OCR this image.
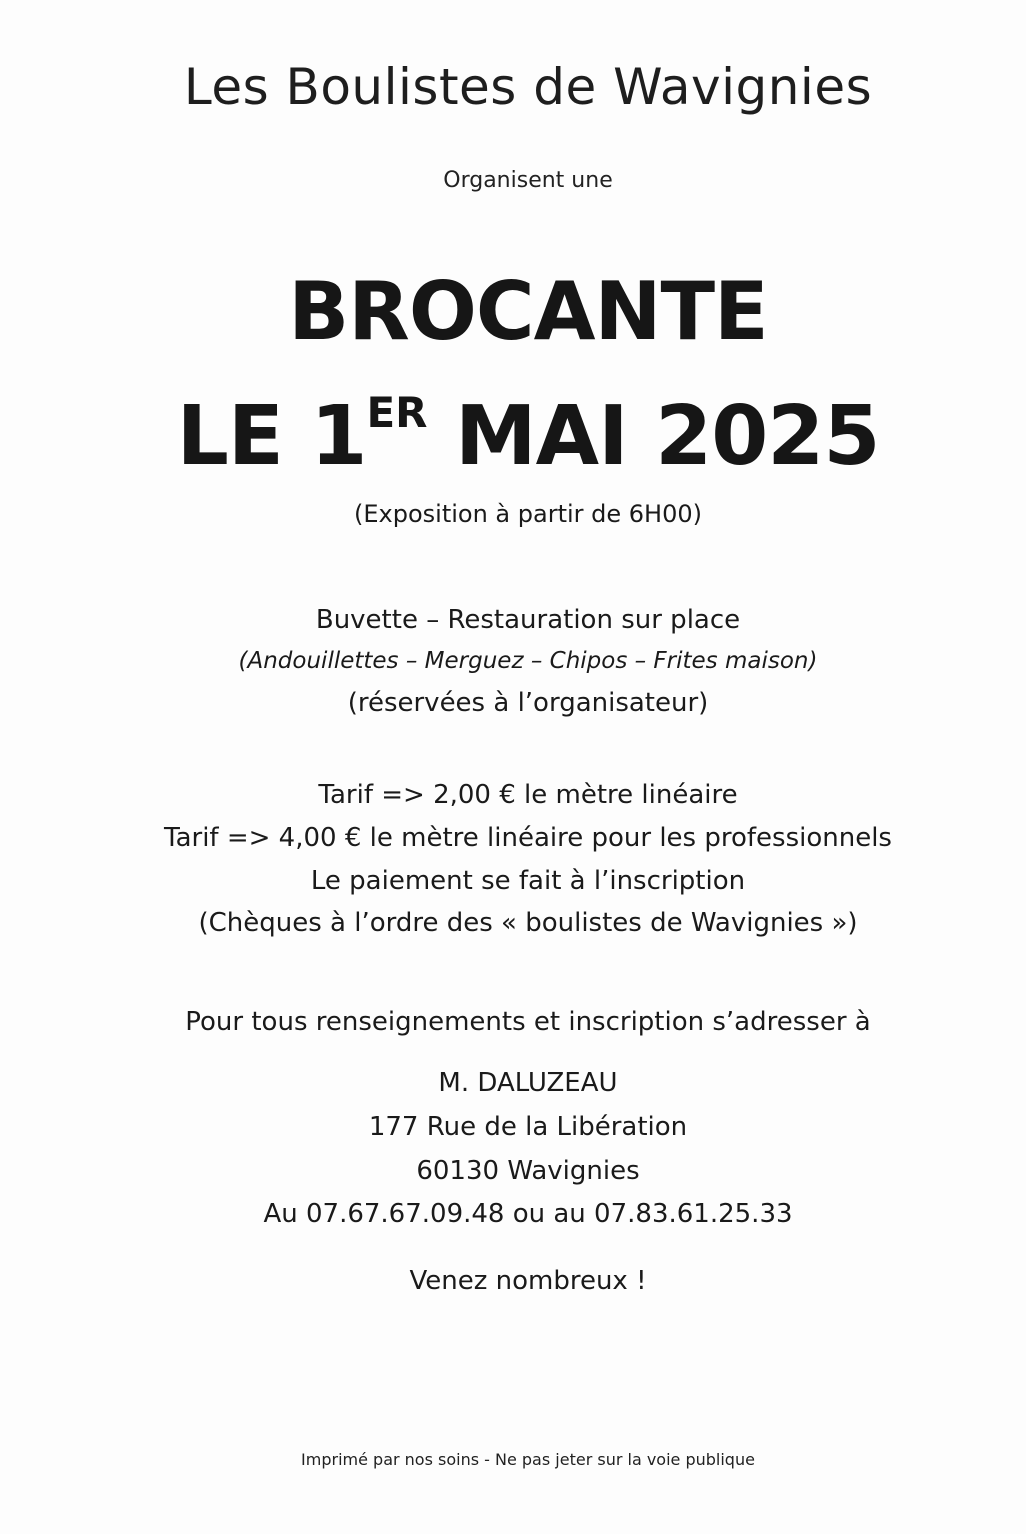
Les Boulistes de Wavignies
Organisent une
BROCANTE
LE 1ER MAI 2025
(Exposition à partir de 6H00)
Buvette – Restauration sur place
(Andouillettes – Merguez – Chipos – Frites maison)
(réservées à l’organisateur)
Tarif => 2,00 € le mètre linéaire
Tarif => 4,00 € le mètre linéaire pour les professionnels
Le paiement se fait à l’inscription
(Chèques à l’ordre des « boulistes de Wavignies »)
Pour tous renseignements et inscription s’adresser à
M. DALUZEAU
177 Rue de la Libération
60130 Wavignies
Au 07.67.67.09.48 ou au 07.83.61.25.33
Venez nombreux !
Imprimé par nos soins - Ne pas jeter sur la voie publique
